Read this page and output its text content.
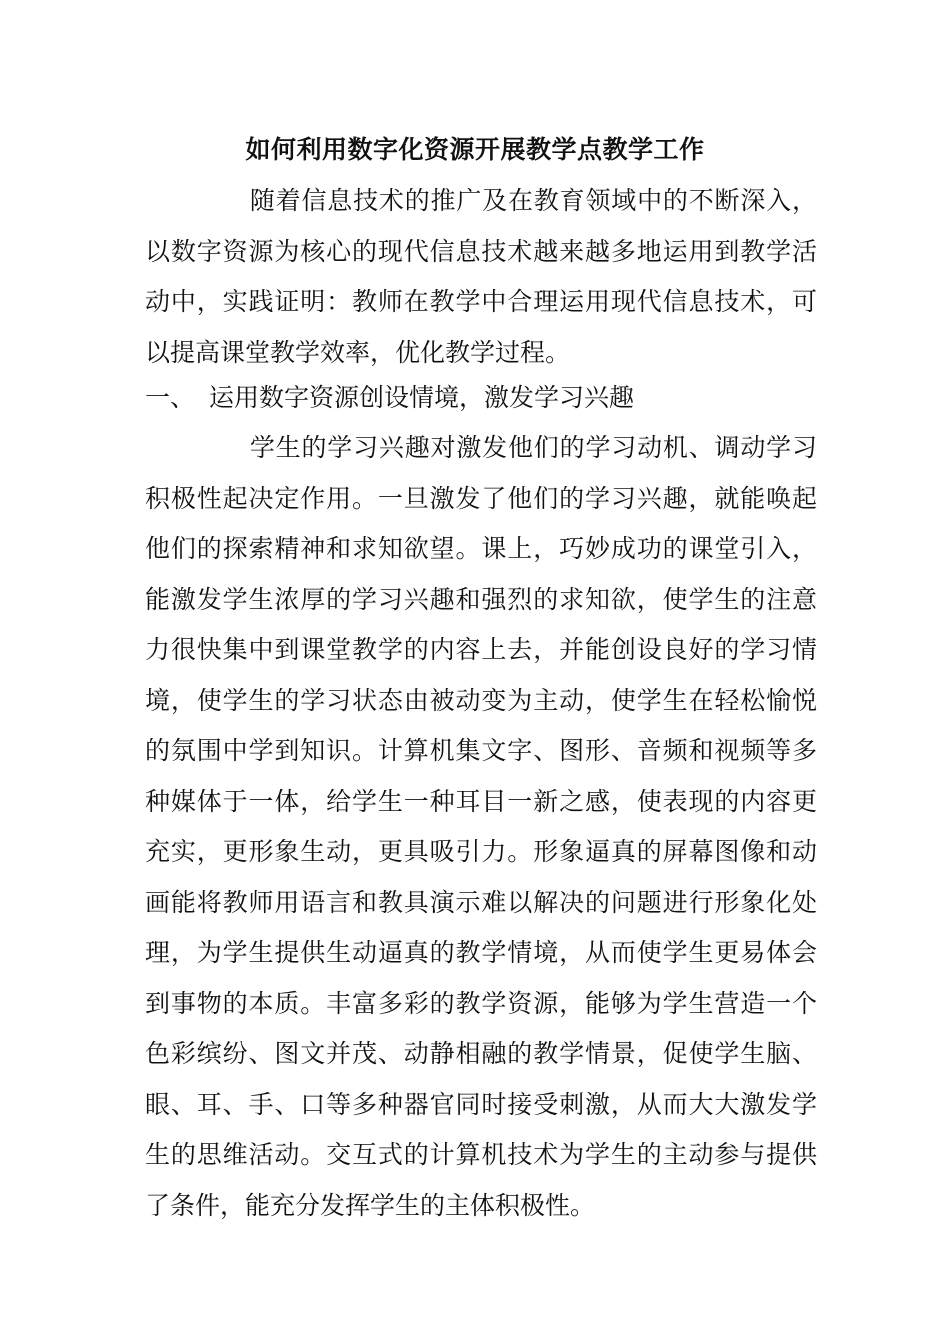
如何利用数字化资源开展教学点教学工作

随着信息技术的推广及在教育领域中的不断深入，以数字资源为核心的现代信息技术越来越多地运用到教学活动中，实践证明：教师在教学中合理运用现代信息技术，可以提高课堂教学效率，优化教学过程。

一、 运用数字资源创设情境，激发学习兴趣

学生的学习兴趣对激发他们的学习动机、调动学习积极性起决定作用。一旦激发了他们的学习兴趣，就能唤起他们的探索精神和求知欲望。课上，巧妙成功的课堂引入，能激发学生浓厚的学习兴趣和强烈的求知欲，使学生的注意力很快集中到课堂教学的内容上去，并能创设良好的学习情境，使学生的学习状态由被动变为主动，使学生在轻松愉悦的氛围中学到知识。计算机集文字、图形、音频和视频等多种媒体于一体，给学生一种耳目一新之感，使表现的内容更充实，更形象生动，更具吸引力。形象逼真的屏幕图像和动画能将教师用语言和教具演示难以解决的问题进行形象化处理，为学生提供生动逼真的教学情境，从而使学生更易体会到事物的本质。丰富多彩的教学资源，能够为学生营造一个色彩缤纷、图文并茂、动静相融的教学情景，促使学生脑、眼、耳、手、口等多种器官同时接受刺激，从而大大激发学生的思维活动。交互式的计算机技术为学生的主动参与提供了条件，能充分发挥学生的主体积极性。
